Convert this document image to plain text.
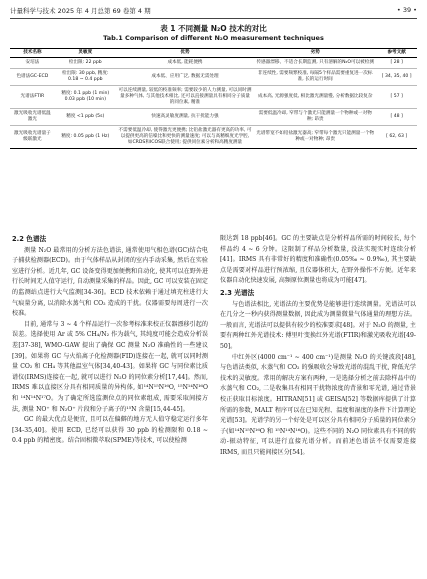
计量科学与技术 2025 年 4 月总第 69 卷第 4 期	• 39 •
表 1 不同测量 N₂O 技术的对比
Tab.1 Comparison of different N₂O measurement techniques
技术名称	灵敏度	优势	劣势	参考文献
安培法	检出限: 22 ppb	成本低, 能耗便携	传感器漂移、不适合长期监测, 只有溶解的N₂O可以被检测	[ 28 ]
色谱法GC-ECD	检出限: 30 ppb, 精度: 0.18 ~ 0.4 ppb	成本低、应用广泛, 数据无需处理	非连续性, 需要频繁校准, 每隔5个样品需要重复进一次标准, 长的运行时间	[ 34, 35, 40 ]
光谱法FTIR	精度: 0.1 ppb (1 min)
0.03 ppb (10 min)	可以连续测量, 较低的校准频率; 需要较少的人力测量, 可以同时测量多种气体, 与其他技术相比, 还可以直接测量具有相同分子质量的同位素, 精准	成本高, 光源强度低, 相比激光测量慢, 分析数据比较复杂	[ 57 ]
激光吸收光谱低温激光	精度 <1 ppb (5s)	快速高灵敏度测量, 抗干扰能力强	需要低温冷却, 窄带与个激光只能测量一个物种或一对物种; 昂贵	[ 48 ]
激光吸收光谱量子级联激光	精度: 0.05 ppb (1 Hz)	不需要低温冷却, 使得激光更便携; 比铅盐激光器有更高的功率, 可以提供更高的信噪比和更快的测量速度; 可以与高精细度光学腔, 如CRDS和ICOS联合使用; 提供同位素分析和高精度测量	光谱带宽不如铅盐激光器高; 窄带每个激光只能测量一个物种或一对物种; 昂贵	[ 62, 63 ]
2.2 色谱法

测量 N₂O 最常用的分析方法色谱法, 通常使用气相色谱(GC)结合电子捕获检测器(ECD)。由于气体样品从封闭的室内手动采集, 然后在实验室进行分析。近几年, GC 设备变得更加便携和自动化, 使其可以在野外进行长时间无人值守运行, 自动测量采集的样品。因此, GC 可以安装在固定的监测站点进行大气监测[34-36]。ECD 技术依赖于通过填充柱进行大气痕量分离, 以消除水蒸气和 CO₂ 造成的干扰。仪器需要每周进行一次校准。

目前, 通常与 3 ~ 4 个样品运行一次参考标准来校正仪器漂移引起的误差。选择使用 Ar 或 5% CH₄/N₂ 作为载气, 其纯度可能会造成分析误差[37-38], WMO-GAW 提出了确保 GC 测量 N₂O 准确性的一些建议[39]。如果将 GC 与火焰离子化检测器(FID)连接在一起, 就可以同时测量 CO₂ 和 CH₄ 等其他温室气体[34,40-43]。如果将 GC 与同位素比质谱仪(IRMS)连接在一起, 就可以进行 N₂O 的同位素分析[17,44]。然而, IRMS 难以直接区分具有相同质量的异构体, 如¹⁴N¹⁵N¹⁶O, ¹⁵N¹⁴N¹⁶O 和 ¹⁴N¹⁴N¹⁷O。为了确定所选监测位点的同位素组成, 需要采取间接方法, 测量 NO⁺ 和 N₂O⁺ 片段和分子离子的¹⁵N 含量[15,44-45]。

GC 的最大优点是便宜, 且可以在偏僻的地方无人值守稳定运行多年[34-35,40]。使用 ECD, 已经可以获得 30 ppb 的检测限和 0.18 ~ 0.4 ppb 的精密度。结合固相微萃取(SPME)等技术, 可以使检测

限达到 18 ppb[46]。GC 的主要缺点是分析样品所需的时间较长, 每个样品约 4 ~ 6 分钟。这限制了样品分析数量, 没法实现实时连续分析[41]。IRMS 具有非常好的精度和准确性(0.05‰ ~ 0.9‰), 其主要缺点是需要对样品进行预浓缩, 且仪器体积大, 在野外操作不方便。近年来仪器自动化快速发展, 高频原位测量也将成为可能[47]。

2.3 光谱法

与色谱法相比, 光谱法的主要优势是能够进行连续测量。光谱法可以在几分之一秒内获得测量数据, 因此成为测量微量气体通量的理想方法。一般而言, 光谱法可以提供有较少的校准要求[48]。对于 N₂O 的测量, 主要有两种红外光谱技术: 傅里叶变换红外光谱(FTIR)和激光吸收光谱[49-50]。

中红外区(4000 cm⁻¹ ~ 400 cm⁻¹)是测量 N₂O 的关键波段[48], 与色谱法类似, 水蒸气和 CO₂ 的强吸收会导致光谱的混乱干扰, 降低光学技术的灵敏度。常用的解决方案有两种, 一是选择分析之前去除样品中的水蒸气和 CO₂, 二是收集具有相同干扰物浓度的背景和零光谱, 通过背景校正获取目标浓度。HITRAN[51] 或 GEISA[52] 等数据库提供了计算所需的参数, MALT 程序可以在已知光程、温度和湿度的条件下计算理论光谱[53]。光谱学的另一个好处是可以区分具有相同分子质量的同位素分子(如¹⁴N¹⁵N¹⁶O 和 ¹⁵N¹⁴N¹⁶O)。这些不同的 N₂O 同位素具有不同的转动-振动特征, 可以进行直接光谱分析。而前述色谱法不仅需要连接 IRMS, 而且只能间接区分[54]。
